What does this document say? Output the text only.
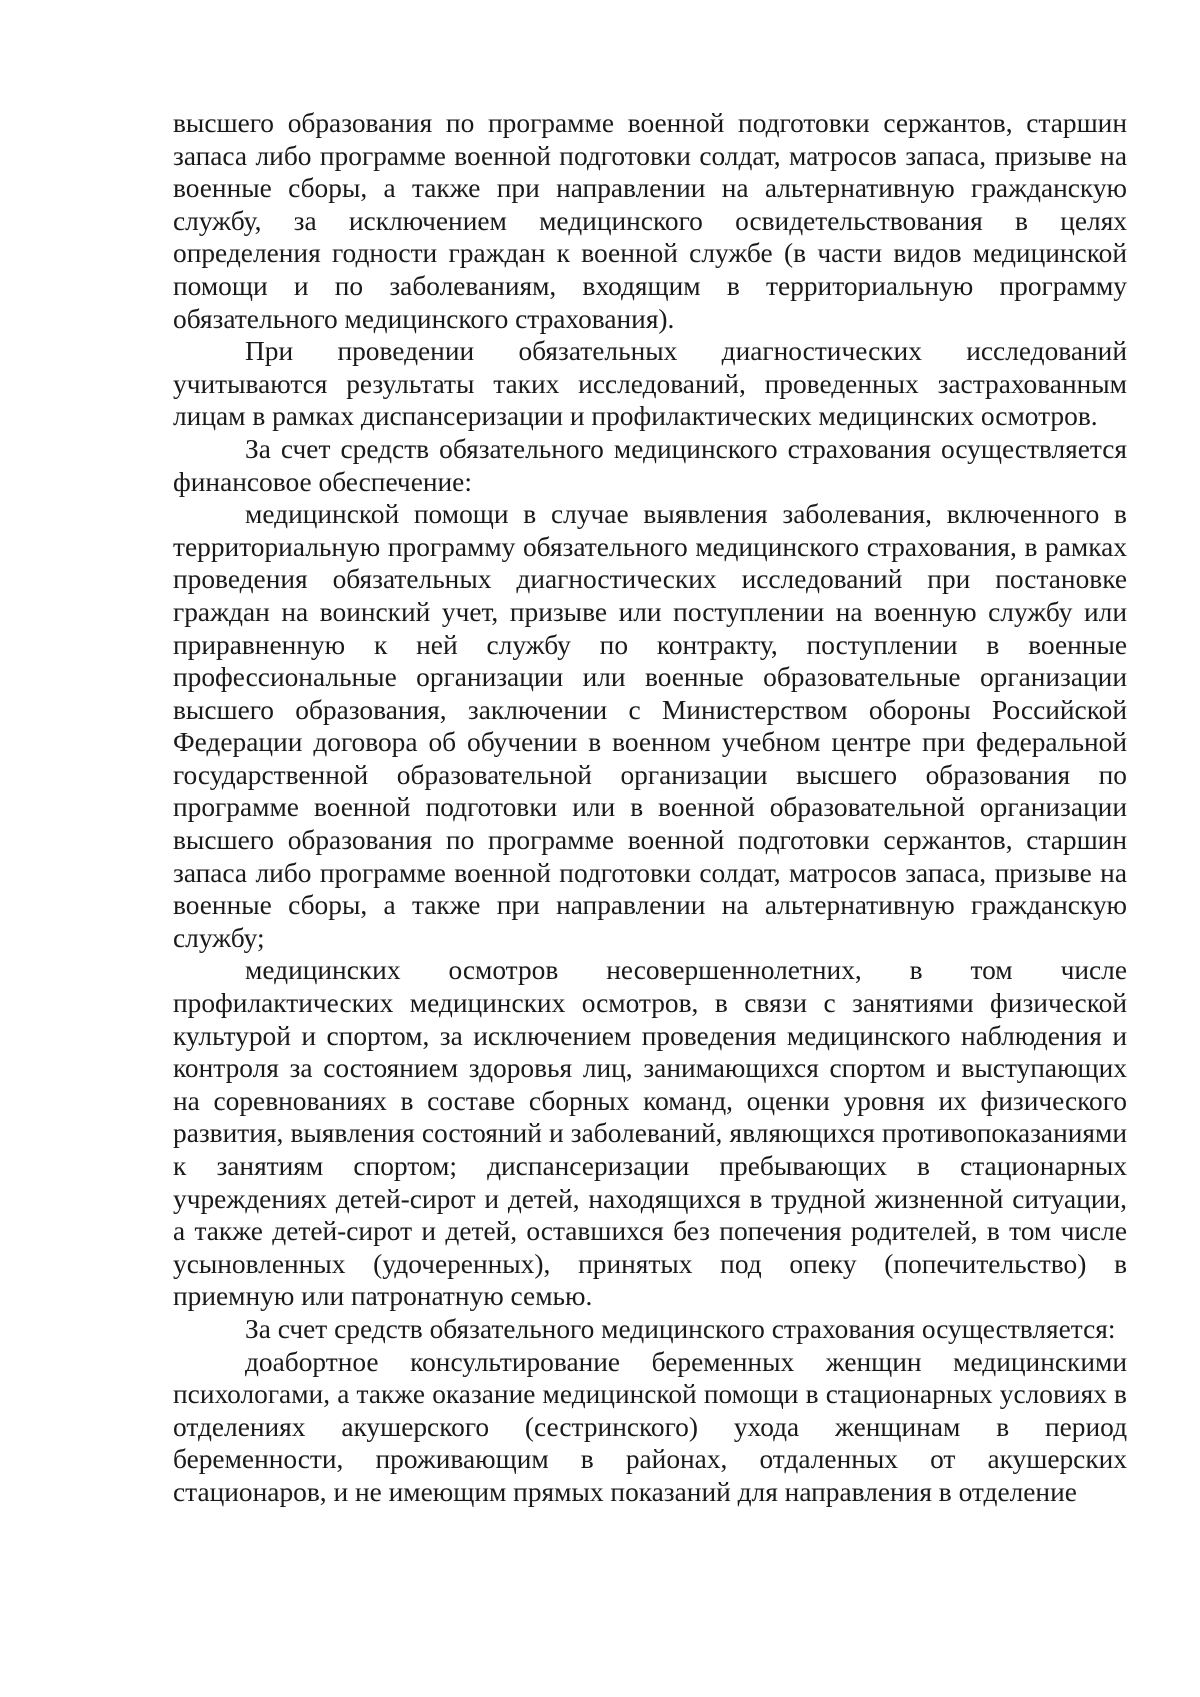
высшего образования по программе военной подготовки сержантов, старшин запаса либо программе военной подготовки солдат, матросов запаса, призыве на военные сборы, а также при направлении на альтернативную гражданскую службу, за исключением медицинского освидетельствования в целях определения годности граждан к военной службе (в части видов медицинской помощи и по заболеваниям, входящим в территориальную программу обязательного медицинского страхования).

При проведении обязательных диагностических исследований учитываются результаты таких исследований, проведенных застрахованным лицам в рамках диспансеризации и профилактических медицинских осмотров.

За счет средств обязательного медицинского страхования осуществляется финансовое обеспечение:

медицинской помощи в случае выявления заболевания, включенного в территориальную программу обязательного медицинского страхования, в рамках проведения обязательных диагностических исследований при постановке граждан на воинский учет, призыве или поступлении на военную службу или приравненную к ней службу по контракту, поступлении в военные профессиональные организации или военные образовательные организации высшего образования, заключении с Министерством обороны Российской Федерации договора об обучении в военном учебном центре при федеральной государственной образовательной организации высшего образования по программе военной подготовки или в военной образовательной организации высшего образования по программе военной подготовки сержантов, старшин запаса либо программе военной подготовки солдат, матросов запаса, призыве на военные сборы, а также при направлении на альтернативную гражданскую службу;

медицинских осмотров несовершеннолетних, в том числе профилактических медицинских осмотров, в связи с занятиями физической культурой и спортом, за исключением проведения медицинского наблюдения и контроля за состоянием здоровья лиц, занимающихся спортом и выступающих на соревнованиях в составе сборных команд, оценки уровня их физического развития, выявления состояний и заболеваний, являющихся противопоказаниями к занятиям спортом; диспансеризации пребывающих в стационарных учреждениях детей-сирот и детей, находящихся в трудной жизненной ситуации, а также детей-сирот и детей, оставшихся без попечения родителей, в том числе усыновленных (удочеренных), принятых под опеку (попечительство) в приемную или патронатную семью.

За счет средств обязательного медицинского страхования осуществляется:

доабортное консультирование беременных женщин медицинскими психологами, а также оказание медицинской помощи в стационарных условиях в отделениях акушерского (сестринского) ухода женщинам в период беременности, проживающим в районах, отдаленных от акушерских стационаров, и не имеющим прямых показаний для направления в отделение
